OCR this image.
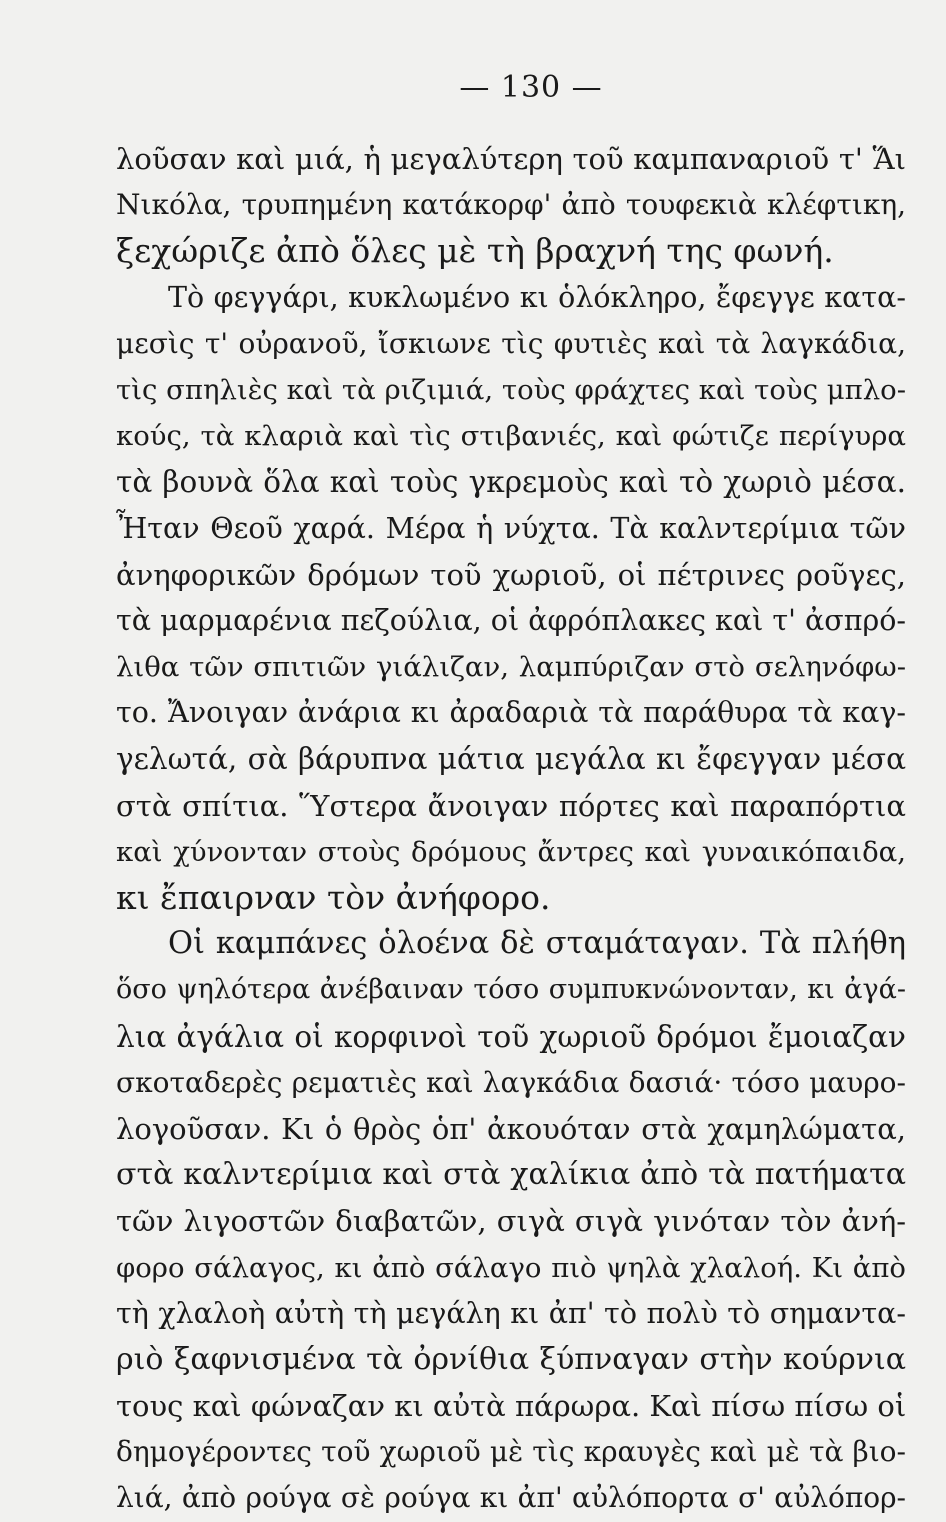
— 130 —
λοῦσαν καὶ μιά, ἡ μεγαλύτερη τοῦ καμπαναριοῦ τ' Ἅι
Νικόλα, τρυπημένη κατάκορφ' ἀπὸ τουφεκιὰ κλέφτικη,
ξεχώριζε ἀπὸ ὅλες μὲ τὴ βραχνή της φωνή.
Τὸ φεγγάρι, κυκλωμένο κι ὁλόκληρο, ἔφεγγε κατα-
μεσὶς τ' οὐρανοῦ, ἴσκιωνε τὶς φυτιὲς καὶ τὰ λαγκάδια,
τὶς σπηλιὲς καὶ τὰ ριζιμιά, τοὺς φράχτες καὶ τοὺς μπλο-
κούς, τὰ κλαριὰ καὶ τὶς στιβανιές, καὶ φώτιζε περίγυρα
τὰ βουνὰ ὅλα καὶ τοὺς γκρεμοὺς καὶ τὸ χωριὸ μέσα.
Ἦταν Θεοῦ χαρά. Μέρα ἡ νύχτα. Τὰ καλντερίμια τῶν
ἀνηφορικῶν δρόμων τοῦ χωριοῦ, οἱ πέτρινες ροῦγες,
τὰ μαρμαρένια πεζούλια, οἱ ἀφρόπλακες καὶ τ' ἀσπρό-
λιθα τῶν σπιτιῶν γιάλιζαν, λαμπύριζαν στὸ σεληνόφω-
το. Ἄνοιγαν ἀνάρια κι ἀραδαριὰ τὰ παράθυρα τὰ καγ-
γελωτά, σὰ βάρυπνα μάτια μεγάλα κι ἔφεγγαν μέσα
στὰ σπίτια. Ὕστερα ἄνοιγαν πόρτες καὶ παραπόρτια
καὶ χύνονταν στοὺς δρόμους ἄντρες καὶ γυναικόπαιδα,
κι ἔπαιρναν τὸν ἀνήφορο.
Οἱ καμπάνες ὁλοένα δὲ σταμάταγαν. Τὰ πλήθη
ὅσο ψηλότερα ἀνέβαιναν τόσο συμπυκνώνονταν, κι ἀγά-
λια ἀγάλια οἱ κορφινοὶ τοῦ χωριοῦ δρόμοι ἔμοιαζαν
σκοταδερὲς ρεματιὲς καὶ λαγκάδια δασιά· τόσο μαυρο-
λογοῦσαν. Κι ὁ θρὸς ὁπ' ἀκουόταν στὰ χαμηλώματα,
στὰ καλντερίμια καὶ στὰ χαλίκια ἀπὸ τὰ πατήματα
τῶν λιγοστῶν διαβατῶν, σιγὰ σιγὰ γινόταν τὸν ἀνή-
φορο σάλαγος, κι ἀπὸ σάλαγο πιὸ ψηλὰ χλαλοή. Κι ἀπὸ
τὴ χλαλοὴ αὐτὴ τὴ μεγάλη κι ἀπ' τὸ πολὺ τὸ σημαντα-
ριὸ ξαφνισμένα τὰ ὀρνίθια ξύπναγαν στὴν κούρνια
τους καὶ φώναζαν κι αὐτὰ πάρωρα. Καὶ πίσω πίσω οἱ
δημογέροντες τοῦ χωριοῦ μὲ τὶς κραυγὲς καὶ μὲ τὰ βιο-
λιά, ἀπὸ ρούγα σὲ ρούγα κι ἀπ' αὐλόπορτα σ' αὐλόπορ-
